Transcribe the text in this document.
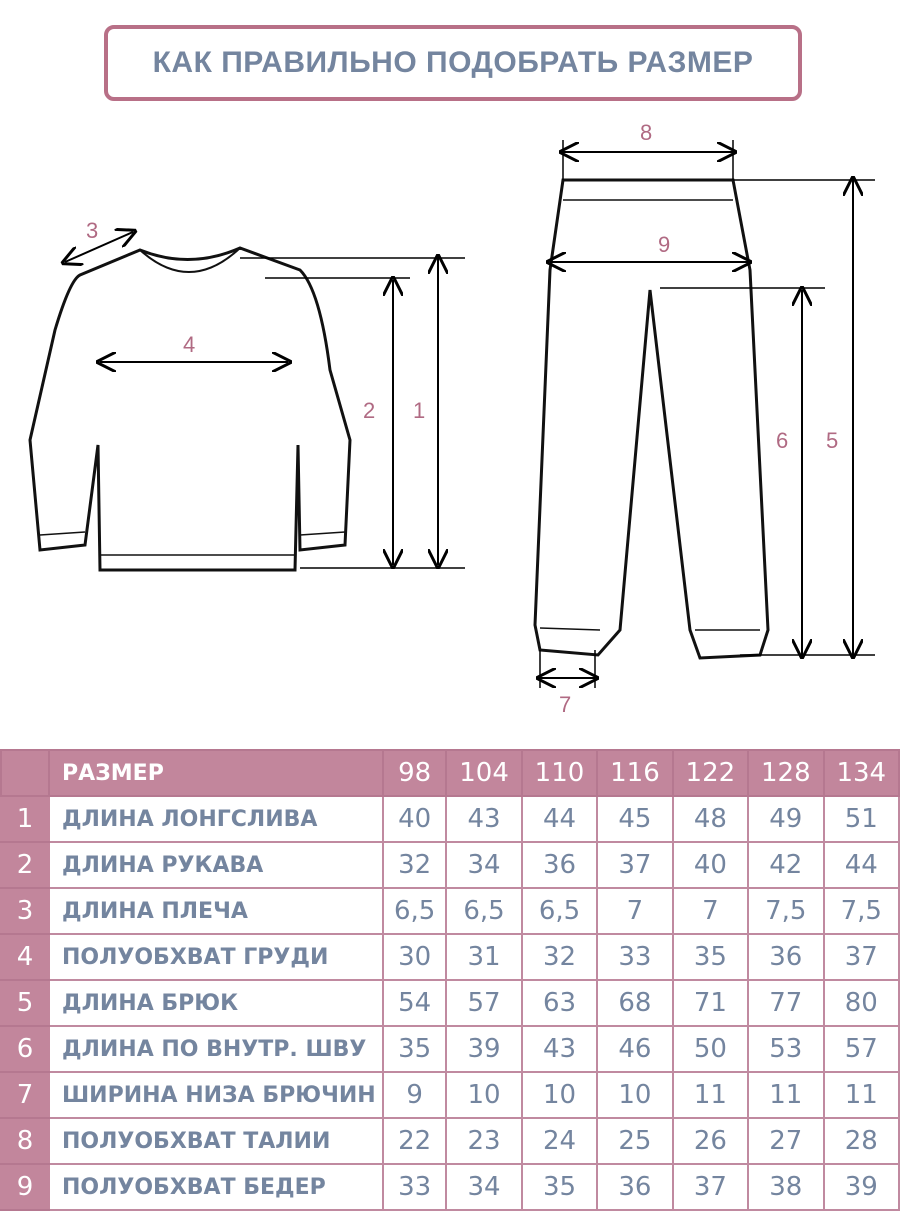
КАК ПРАВИЛЬНО ПОДОБРАТЬ РАЗМЕР
1
2
3
4
5
6
7
8
9
	РАЗМЕР	98	104	110	116	122	128	134
1	ДЛИНА ЛОНГСЛИВА	40	43	44	45	48	49	51
2	ДЛИНА РУКАВА	32	34	36	37	40	42	44
3	ДЛИНА ПЛЕЧА	6,5	6,5	6,5	7	7	7,5	7,5
4	ПОЛУОБХВАТ ГРУДИ	30	31	32	33	35	36	37
5	ДЛИНА БРЮК	54	57	63	68	71	77	80
6	ДЛИНА ПО ВНУТР. ШВУ	35	39	43	46	50	53	57
7	ШИРИНА НИЗА БРЮЧИН	9	10	10	10	11	11	11
8	ПОЛУОБХВАТ ТАЛИИ	22	23	24	25	26	27	28
9	ПОЛУОБХВАТ БЕДЕР	33	34	35	36	37	38	39
